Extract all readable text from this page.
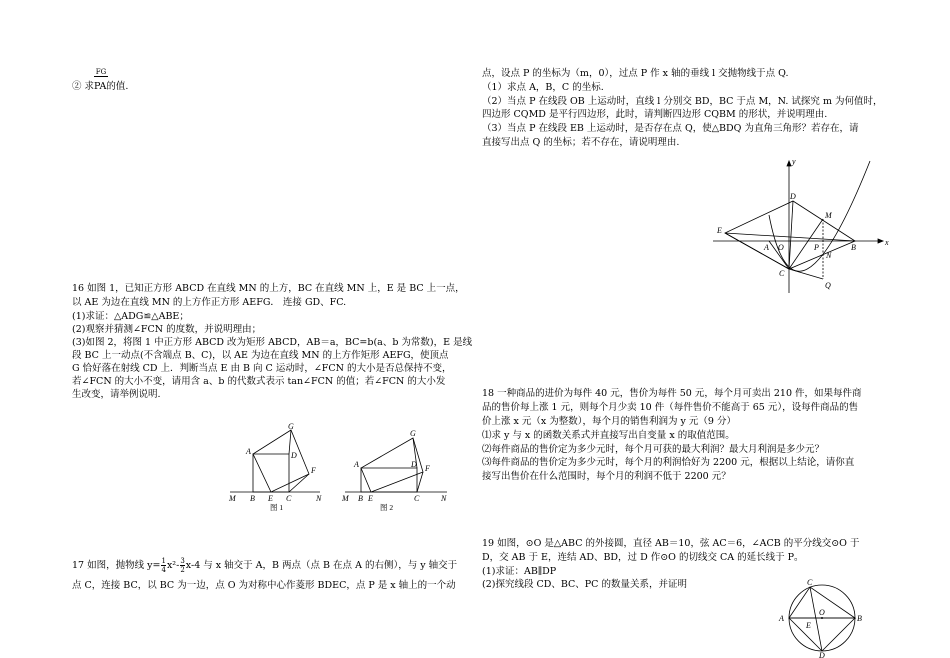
FG
② 求PA的值.
16 如图 1，已知正方形 ABCD 在直线 MN 的上方，BC 在直线 MN 上，E 是 BC 上一点，
以 AE 为边在直线 MN 的上方作正方形 AEFG． 连接 GD、FC.
(1)求证：△ADG≌△ABE；
(2)观察并猜测∠FCN 的度数，并说明理由；
(3)如图 2，将图 1 中正方形 ABCD 改为矩形 ABCD，AB＝a，BC=b(a、b 为常数)，E 是线
段 BC 上一动点(不含端点 B、C)，以 AE 为边在直线 MN 的上方作矩形 AEFG，使顶点
G 恰好落在射线 CD 上．判断当点 E 由 B 向 C 运动时，∠FCN 的大小是否总保持不变，
若∠FCN 的大小不变，请用含 a、b 的代数式表示 tan∠FCN 的值；若∠FCN 的大小发
生改变，请举例说明.
G
A	D
F
M B E C	N
图 1
G
A	D F
M B E	C	N
图 2
17 如图，抛物线 $y= \frac{1}{4} x^2- \frac{3}{2} x-4$ 与 x 轴交于 A，B 两点（点 B 在点 A 的右侧），与 y 轴交于
点 C，连接 BC，以 BC 为一边，点 O 为对称中心作菱形 BDEC，点 P 是 x 轴上的一个动
点，设点 P 的坐标为（m，0），过点 P 作 x 轴的垂线 l 交抛物线于点 Q.
（1）求点 A，B，C 的坐标.
（2）当点 P 在线段 OB 上运动时，直线 l 分别交 BD，BC 于点 M，N. 试探究 m 为何值时，
四边形 CQMD 是平行四边形，此时，请判断四边形 CQBM 的形状，并说明理由.
（3）当点 P 在线段 EB 上运动时，是否存在点 Q，使△BDQ 为直角三角形？若存在，请
直接写出点 Q 的坐标；若不存在，请说明理由.
y
x
D
M
E
A O	P	B
N
C
Q
18 一种商品的进价为每件 40 元，售价为每件 50 元，每个月可卖出 210 件，如果每件商
品的售价每上涨 1 元，则每个月少卖 10 件（每件售价不能高于 65 元），设每件商品的售
价上涨 x 元（x 为整数），每个月的销售利润为 y 元（9 分）
⑴求 y 与 x 的函数关系式并直接写出自变量 x 的取值范围。
⑵每件商品的售价定为多少元时，每个月可获的最大利润？最大月利润是多少元？
⑶每件商品的售价定为多少元时，每个月的利润恰好为 2200 元，根据以上结论，请你直
接写出售价在什么范围时，每个月的利润不低于 2200 元？
19 如图，⊙O 是△ABC 的外接圆，直径 AB＝10，弦 AC＝6，∠ACB 的平分线交⊙O 于
D，交 AB 于 E，连结 AD、BD，过 D 作⊙O 的切线交 CA 的延长线于 P。
(1)求证：AB∥DP
(2)探究线段 CD、BC、PC 的数量关系，并证明	C
O
A
E
B
D
